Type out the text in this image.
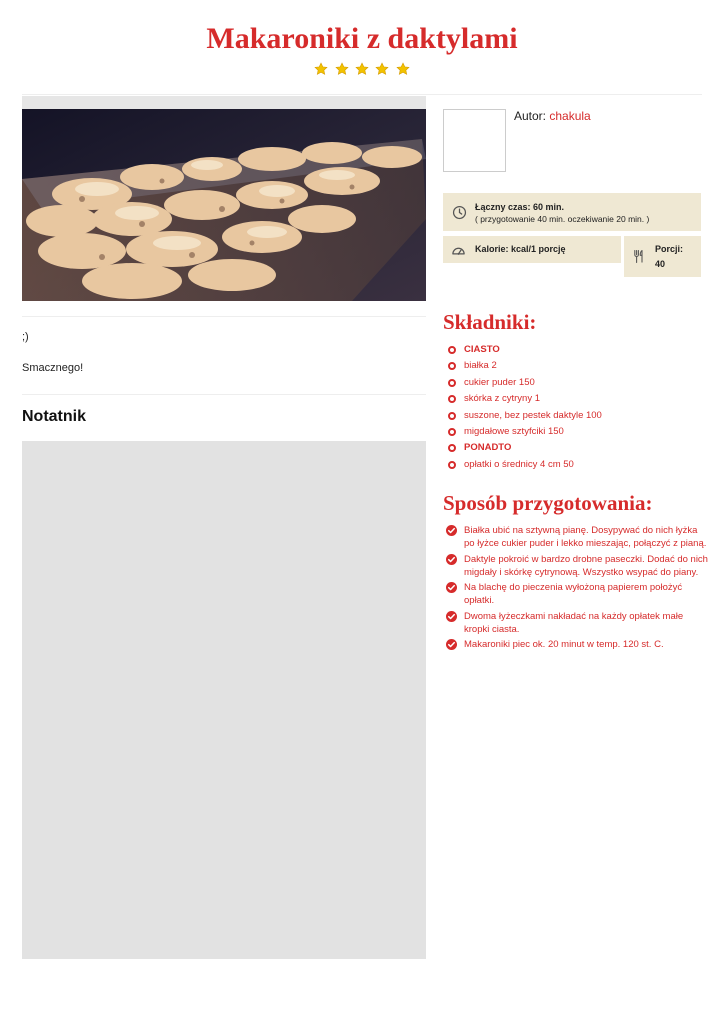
Makaroniki z daktylami

;)

Smacznego!

Notatnik

Autor: chakula

Łączny czas: 60 min.
( przygotowanie 40 min. oczekiwanie 20 min. )
Kalorie: kcal/1 porcję	Porcji:
40
Składniki:
CIASTO
białka 2
cukier puder 150
skórka z cytryny 1
suszone, bez pestek daktyle 100
migdałowe sztyfciki 150
PONADTO
opłatki o średnicy 4 cm 50
Sposób przygotowania:
Białka ubić na sztywną pianę. Dosypywać do nich łyżka po łyżce cukier puder i lekko mieszając, połączyć z pianą.
Daktyle pokroić w bardzo drobne paseczki. Dodać do nich migdały i skórkę cytrynową. Wszystko wsypać do piany.
Na blachę do pieczenia wyłożoną papierem położyć opłatki.
Dwoma łyżeczkami nakładać na każdy opłatek małe kropki ciasta.
Makaroniki piec ok. 20 minut w temp. 120 st. C.
